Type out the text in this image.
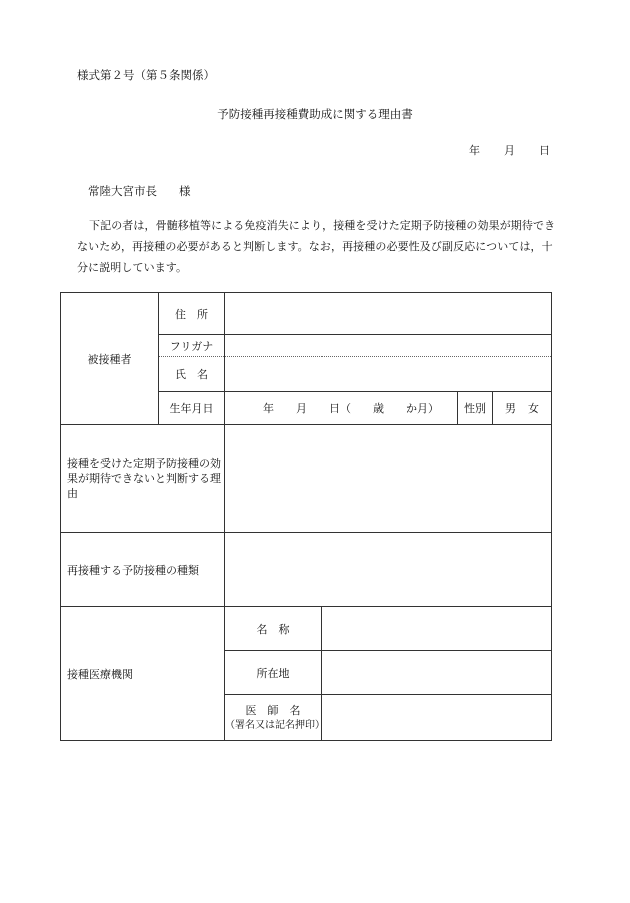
様式第２号（第５条関係）
予防接種再接種費助成に関する理由書
年 月 日
常陸大宮市長 様
下記の者は，骨髄移植等による免疫消失により，接種を受けた定期予防接種の効果が期待できないため，再接種の必要があると判断します。なお，再接種の必要性及び副反応については，十分に説明しています。
被接種者	住　所		
	フリガナ		
	氏　名		
	生年月日	年 月 日（ 歳 か月） 性別 男 女	

接種を受けた定期予防接種の効果が期待できないと判断する理由			
再接種する予防接種の種類			
接種医療機関		名　称	
		所在地	

		医　師　名
（署名又は記名押印）	
